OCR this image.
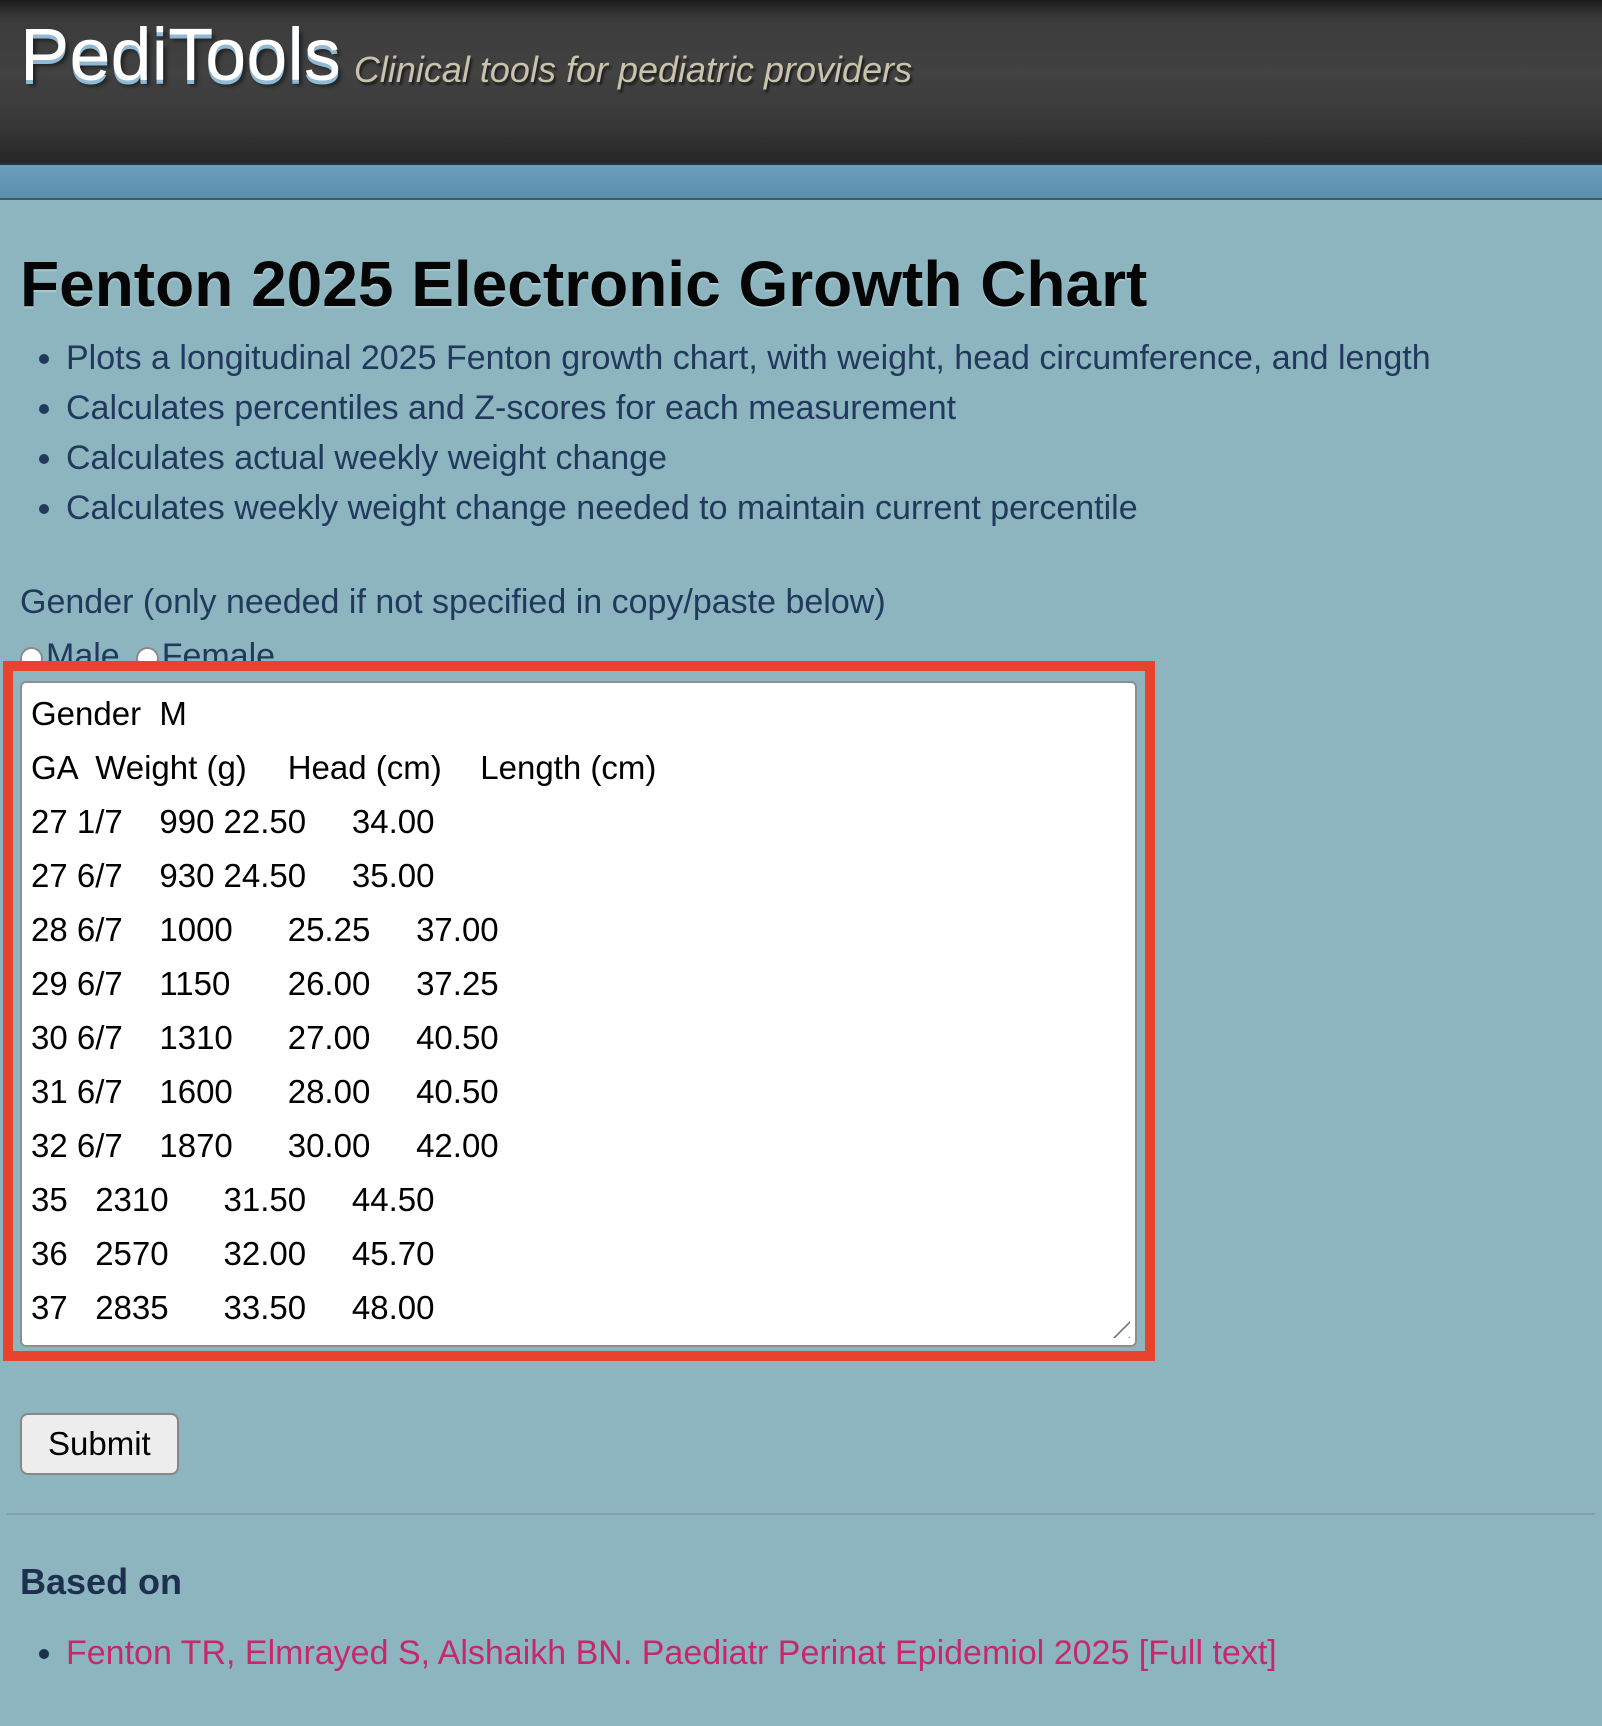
PediTools Clinical tools for pediatric providers
Fenton 2025 Electronic Growth Chart
• Plots a longitudinal 2025 Fenton growth chart, with weight, head circumference, and length
• Calculates percentiles and Z-scores for each measurement
• Calculates actual weekly weight change
• Calculates weekly weight change needed to maintain current percentile

Gender (only needed if not specified in copy/paste below)

Male Female
Gender M GA Weight (g) Head (cm) Length (cm) 27 1/7 990 22.50 34.00 27 6/7 930 24.50 35.00 28 6/7 1000 25.25 37.00 29 6/7 1150 26.00 37.25 30 6/7 1310 27.00 40.50 31 6/7 1600 28.00 40.50 32 6/7 1870 30.00 42.00 35 2310 31.50 44.50 36 2570 32.00 45.70 37 2835 33.50 48.00

Submit

Based on
• Fenton TR, Elmrayed S, Alshaikh BN. Paediatr Perinat Epidemiol 2025 [Full text]
